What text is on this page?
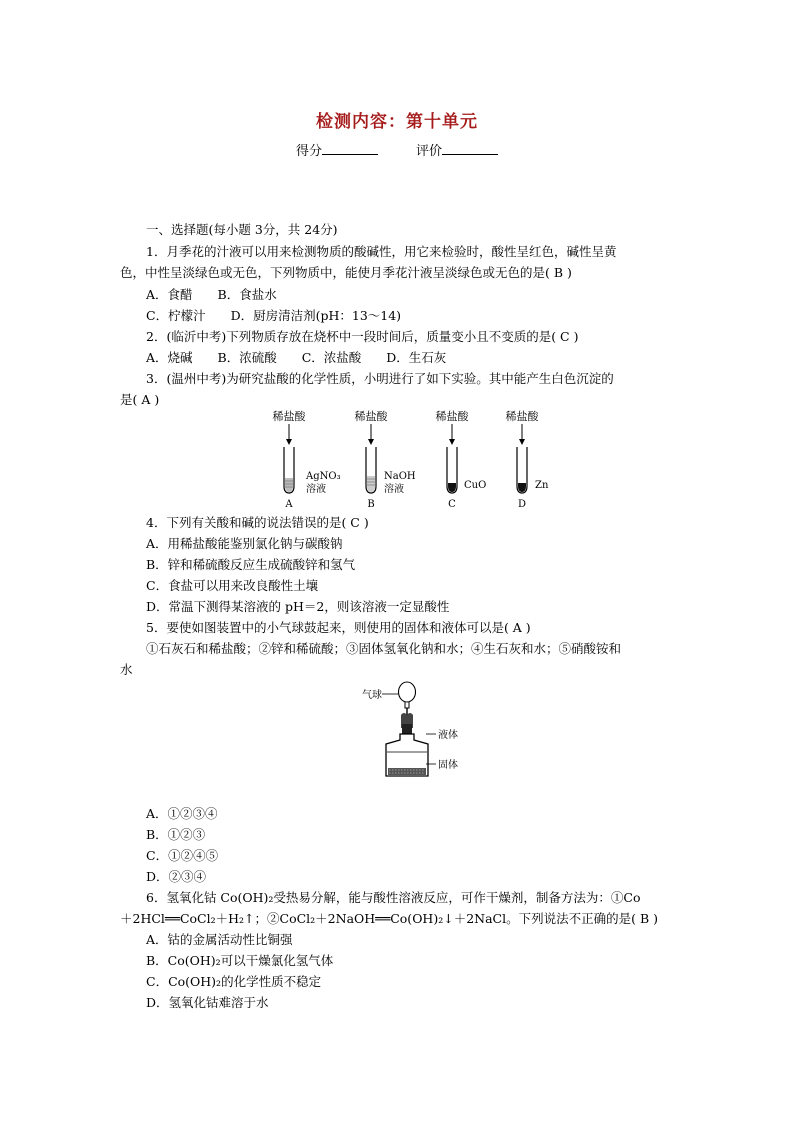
检测内容：第十单元
得分	评价
一、选择题(每小题 3分，共 24分)
1．月季花的汁液可以用来检测物质的酸碱性，用它来检验时，酸性呈红色，碱性呈黄
色，中性呈淡绿色或无色，下列物质中，能使月季花汁液呈淡绿色或无色的是( B )
A．食醋　　B．食盐水
C．柠檬汁　　D．厨房清洁剂(pH：13～14)
2．(临沂中考)下列物质存放在烧杯中一段时间后，质量变小且不变质的是( C )
A．烧碱　　B．浓硫酸　　C．浓盐酸　　D．生石灰
3．(温州中考)为研究盐酸的化学性质，小明进行了如下实验。其中能产生白色沉淀的
是( A )
稀盐酸
AgNO₃
溶液
A
稀盐酸
NaOH
溶液
B
稀盐酸
CuO
C
稀盐酸
Zn
D
4．下列有关酸和碱的说法错误的是( C )
A．用稀盐酸能鉴别氯化钠与碳酸钠
B．锌和稀硫酸反应生成硫酸锌和氢气
C．食盐可以用来改良酸性土壤
D．常温下测得某溶液的 pH＝2，则该溶液一定显酸性
5．要使如图装置中的小气球鼓起来，则使用的固体和液体可以是( A )
①石灰石和稀盐酸；②锌和稀硫酸；③固体氢氧化钠和水；④生石灰和水；⑤硝酸铵和
水
气球
液体
固体
A．①②③④
B．①②③
C．①②④⑤
D．②③④
6．氢氧化钴 Co(OH)₂受热易分解，能与酸性溶液反应，可作干燥剂，制备方法为：①Co
＋2HCl══CoCl₂＋H₂↑；②CoCl₂＋2NaOH══Co(OH)₂↓＋2NaCl。下列说法不正确的是( B )
A．钴的金属活动性比铜强
B．Co(OH)₂可以干燥氯化氢气体
C．Co(OH)₂的化学性质不稳定
D．氢氧化钴难溶于水
